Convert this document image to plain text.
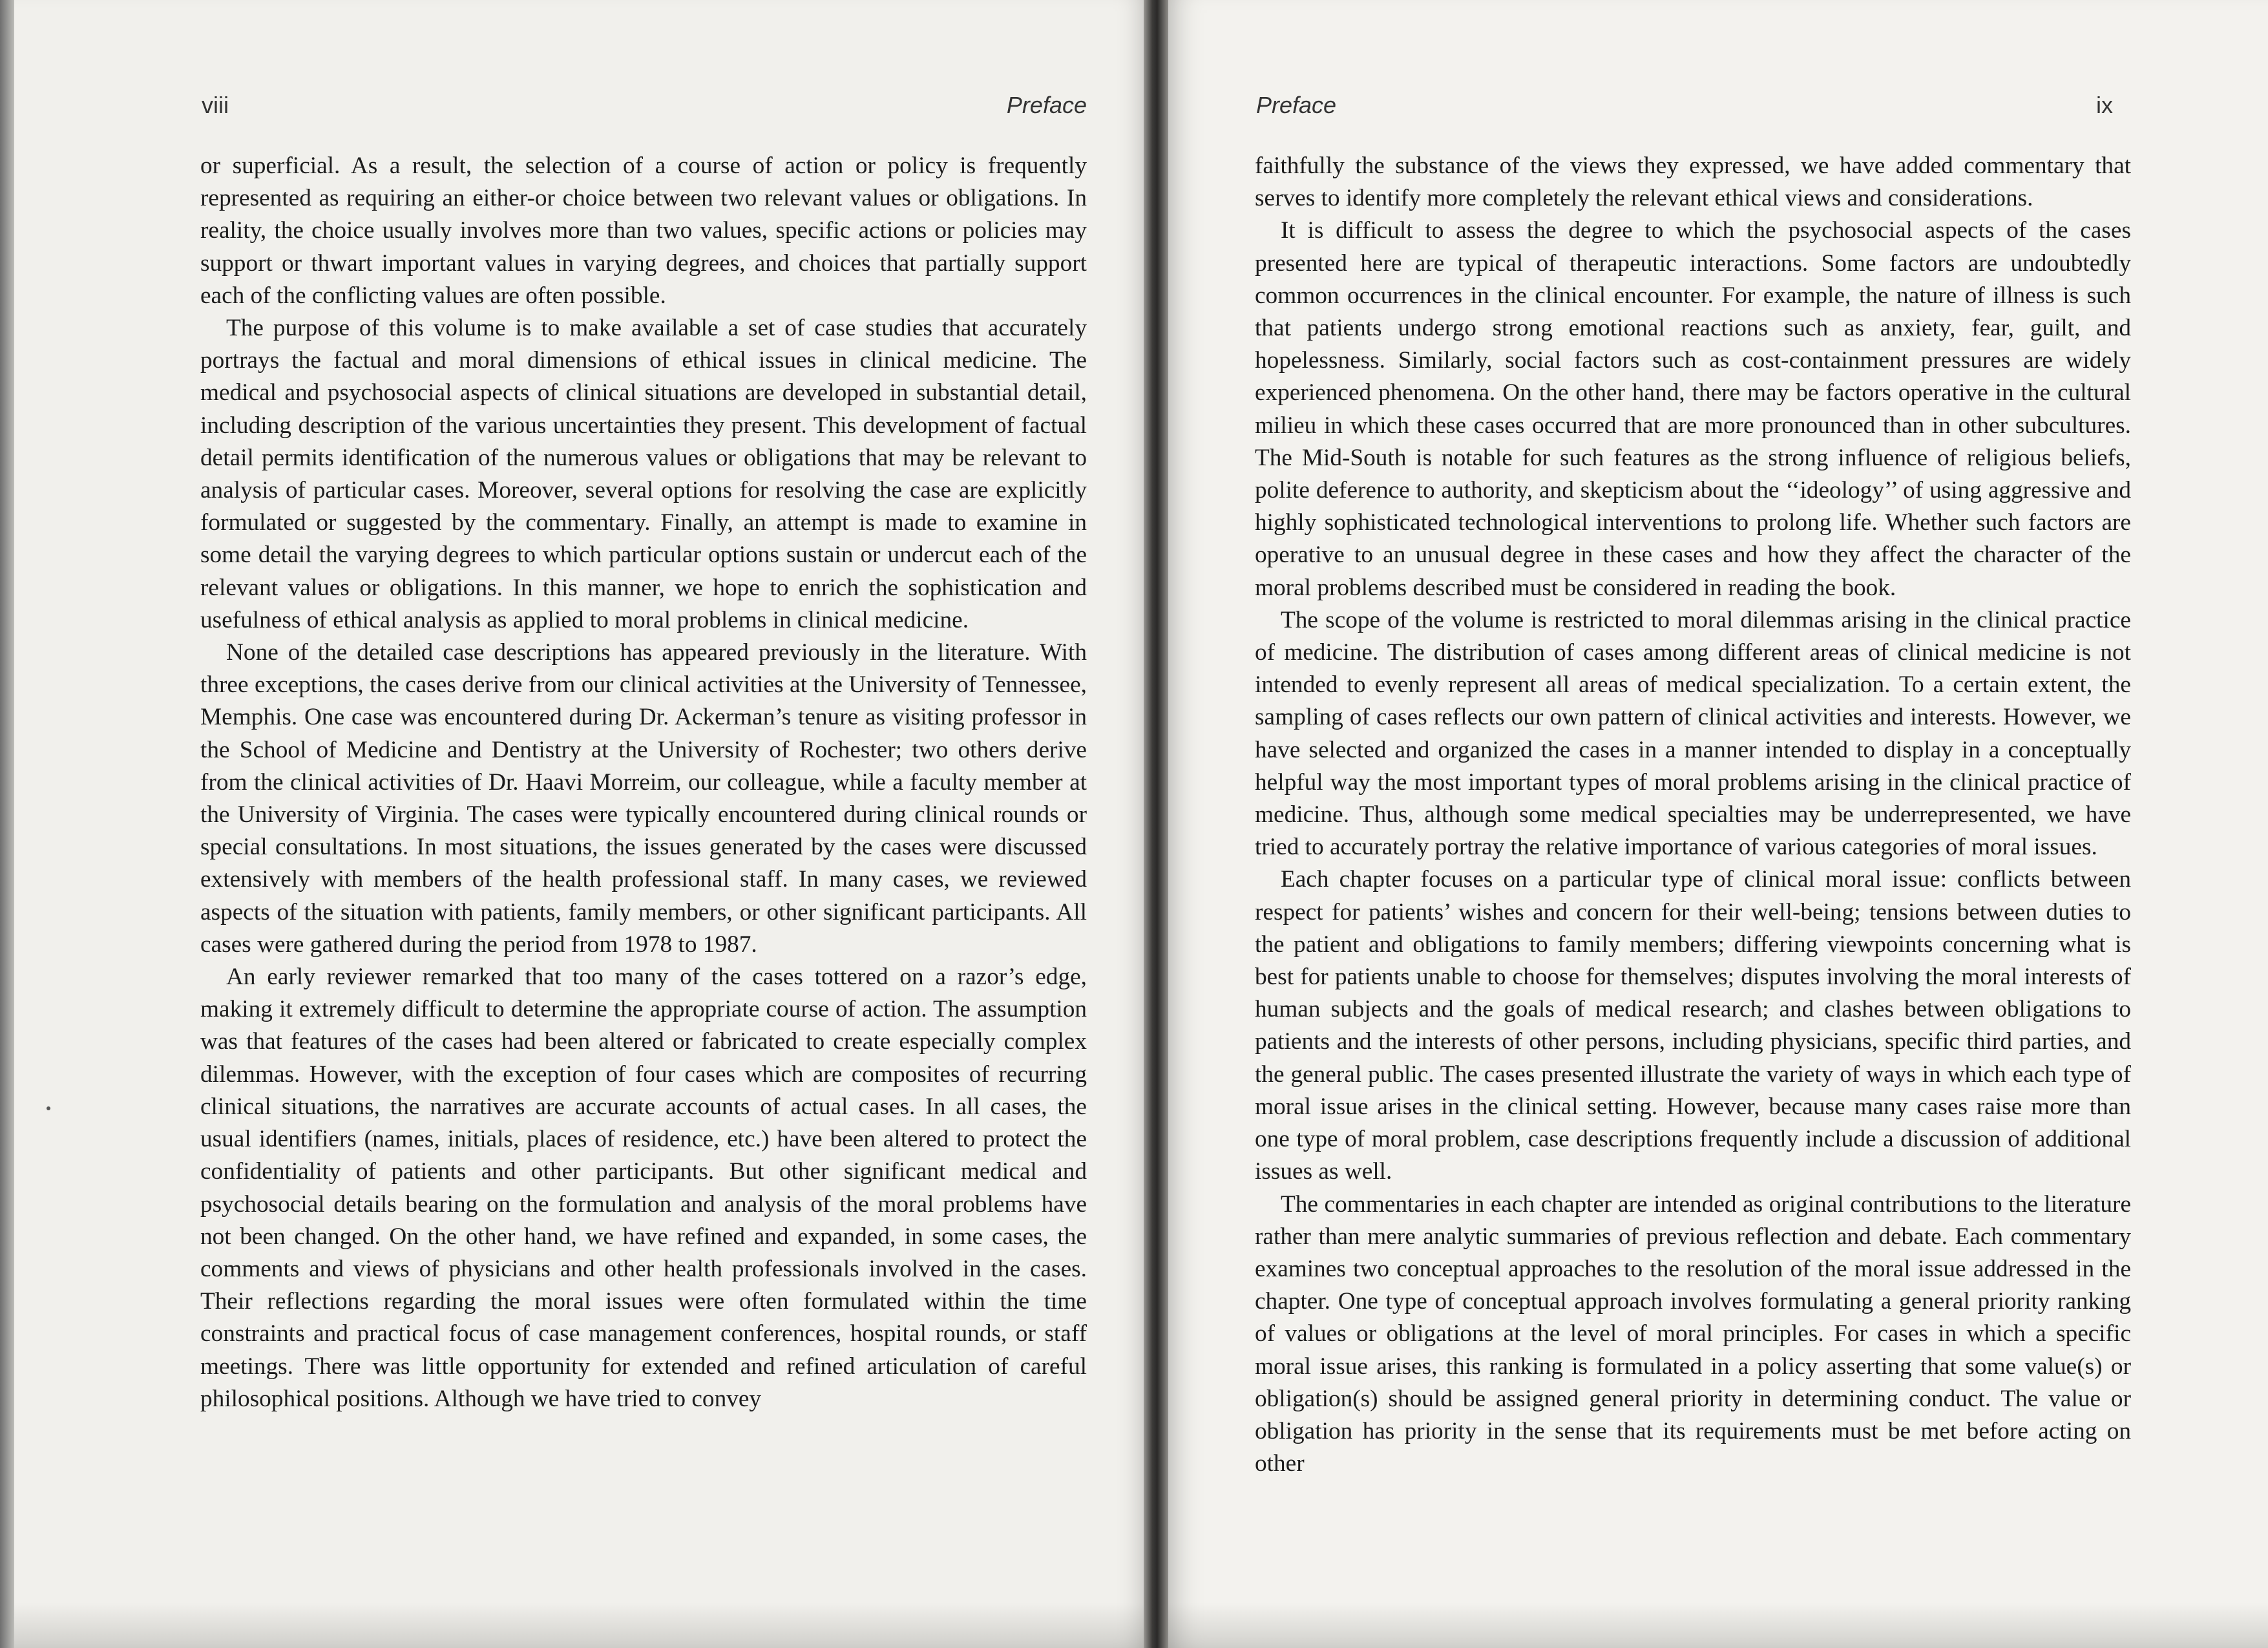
viii	Preface

or superficial. As a result, the selection of a course of action or policy is frequently represented as requiring an either-or choice between two relevant values or obligations. In reality, the choice usually involves more than two values, specific actions or policies may support or thwart important values in varying degrees, and choices that partially support each of the conflicting values are often possible.

The purpose of this volume is to make available a set of case studies that accurately portrays the factual and moral dimensions of ethical issues in clinical medicine. The medical and psychosocial aspects of clinical situations are developed in substantial detail, including description of the various uncertainties they present. This development of factual detail permits identification of the numerous values or obligations that may be relevant to analysis of particular cases. Moreover, several options for resolving the case are explicitly formulated or suggested by the commentary. Finally, an attempt is made to examine in some detail the varying degrees to which particular options sustain or undercut each of the relevant values or obligations. In this manner, we hope to enrich the sophistication and usefulness of ethical analysis as applied to moral problems in clinical medicine.

None of the detailed case descriptions has appeared previously in the literature. With three exceptions, the cases derive from our clinical activities at the University of Tennessee, Memphis. One case was encountered during Dr. Ackerman’s tenure as visiting professor in the School of Medicine and Dentistry at the University of Rochester; two others derive from the clinical activities of Dr. Haavi Morreim, our colleague, while a faculty member at the University of Virginia. The cases were typically encountered during clinical rounds or special consultations. In most situations, the issues generated by the cases were discussed extensively with members of the health professional staff. In many cases, we reviewed aspects of the situation with patients, family members, or other significant participants. All cases were gathered during the period from 1978 to 1987.

An early reviewer remarked that too many of the cases tottered on a razor’s edge, making it extremely difficult to determine the appropriate course of action. The assumption was that features of the cases had been altered or fabricated to create especially complex dilemmas. However, with the exception of four cases which are composites of recurring clinical situations, the narratives are accurate accounts of actual cases. In all cases, the usual identifiers (names, initials, places of residence, etc.) have been altered to protect the confidentiality of patients and other participants. But other significant medical and psychosocial details bearing on the formulation and analysis of the moral problems have not been changed. On the other hand, we have refined and expanded, in some cases, the comments and views of physicians and other health professionals involved in the cases. Their reflections regarding the moral issues were often formulated within the time constraints and practical focus of case management conferences, hospital rounds, or staff meetings. There was little opportunity for extended and refined articulation of careful philosophical positions. Although we have tried to convey

Preface	ix

faithfully the substance of the views they expressed, we have added commentary that serves to identify more completely the relevant ethical views and considerations.

It is difficult to assess the degree to which the psychosocial aspects of the cases presented here are typical of therapeutic interactions. Some factors are undoubtedly common occurrences in the clinical encounter. For example, the nature of illness is such that patients undergo strong emotional reactions such as anxiety, fear, guilt, and hopelessness. Similarly, social factors such as cost-containment pressures are widely experienced phenomena. On the other hand, there may be factors operative in the cultural milieu in which these cases occurred that are more pronounced than in other subcultures. The Mid-South is notable for such features as the strong influence of religious beliefs, polite deference to authority, and skepticism about the ‘‘ideology’’ of using aggressive and highly sophisticated technological interventions to prolong life. Whether such factors are operative to an unusual degree in these cases and how they affect the character of the moral problems described must be considered in reading the book.

The scope of the volume is restricted to moral dilemmas arising in the clinical practice of medicine. The distribution of cases among different areas of clinical medicine is not intended to evenly represent all areas of medical specialization. To a certain extent, the sampling of cases reflects our own pattern of clinical activities and interests. However, we have selected and organized the cases in a manner intended to display in a conceptually helpful way the most important types of moral problems arising in the clinical practice of medicine. Thus, although some medical specialties may be underrepresented, we have tried to accurately portray the relative importance of various categories of moral issues.

Each chapter focuses on a particular type of clinical moral issue: conflicts between respect for patients’ wishes and concern for their well-being; tensions between duties to the patient and obligations to family members; differing viewpoints concerning what is best for patients unable to choose for themselves; disputes involving the moral interests of human subjects and the goals of medical research; and clashes between obligations to patients and the interests of other persons, including physicians, specific third parties, and the general public. The cases presented illustrate the variety of ways in which each type of moral issue arises in the clinical setting. However, because many cases raise more than one type of moral problem, case descriptions frequently include a discussion of additional issues as well.

The commentaries in each chapter are intended as original contributions to the literature rather than mere analytic summaries of previous reflection and debate. Each commentary examines two conceptual approaches to the resolution of the moral issue addressed in the chapter. One type of conceptual approach involves formulating a general priority ranking of values or obligations at the level of moral principles. For cases in which a specific moral issue arises, this ranking is formulated in a policy asserting that some value(s) or obligation(s) should be assigned general priority in determining conduct. The value or obligation has priority in the sense that its requirements must be met before acting on other
